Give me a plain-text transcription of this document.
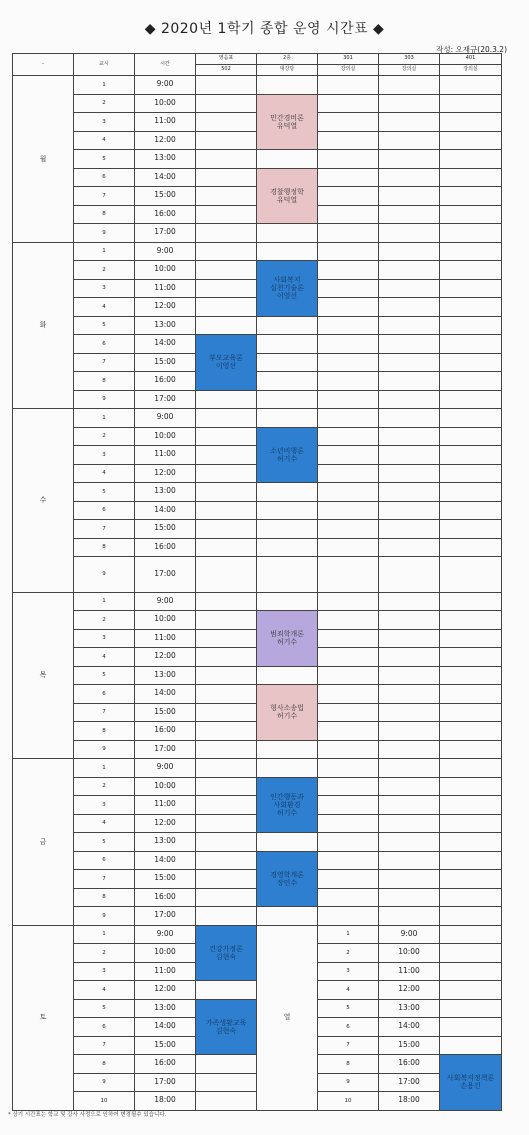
◆ 2020년 1학기 종합 운영 시간표 ◆
작성: 오재규(20.3.2)
·	교시	시간	영음표	2층	301	303	401
			502	대강당	강의실	강의실	강의실
월	1	9:00					
	2	10:00		민간경비론
유덕열			
	3	11:00					
	4	12:00					
	5	13:00					
	6	14:00		경찰행정학
유덕열			
	7	15:00					
	8	16:00					
	9	17:00					
화	1	9:00					
	2	10:00		사회복지
실천기술론
이영선			
	3	11:00					
	4	12:00					
	5	13:00					
	6	14:00	부모교육론
이영선				
	7	15:00					
	8	16:00					
	9	17:00					
수	1	9:00					
	2	10:00		소년비행론
허기수			
	3	11:00					
	4	12:00					
	5	13:00					
	6	14:00					
	7	15:00					
	8	16:00					
	9	17:00					
목	1	9:00					
	2	10:00		범죄학개론
허기수			
	3	11:00					
	4	12:00					
	5	13:00					
	6	14:00		형사소송법
허기수			
	7	15:00					
	8	16:00					
	9	17:00					
금	1	9:00					
	2	10:00		인간행동과
사회환경
허기수			
	3	11:00					
	4	12:00					
	5	13:00					
	6	14:00		경영학개론
장인수			
	7	15:00					
	8	16:00					
	9	17:00					
토	1	9:00	건강가정론
김현숙	열	1	9:00	
	2	10:00			2	10:00	
	3	11:00			3	11:00	
	4	12:00			4	12:00	
	5	13:00	가족생활교육
김현숙		5	13:00	
	6	14:00			6	14:00	
	7	15:00			7	15:00	
	8	16:00			8	16:00	사회복지정책론
손용건
	9	17:00			9	17:00	
	10	18:00			10	18:00	
* 상기 시간표는 학교 및 강사 사정으로 인하여 변경될수 있습니다.
